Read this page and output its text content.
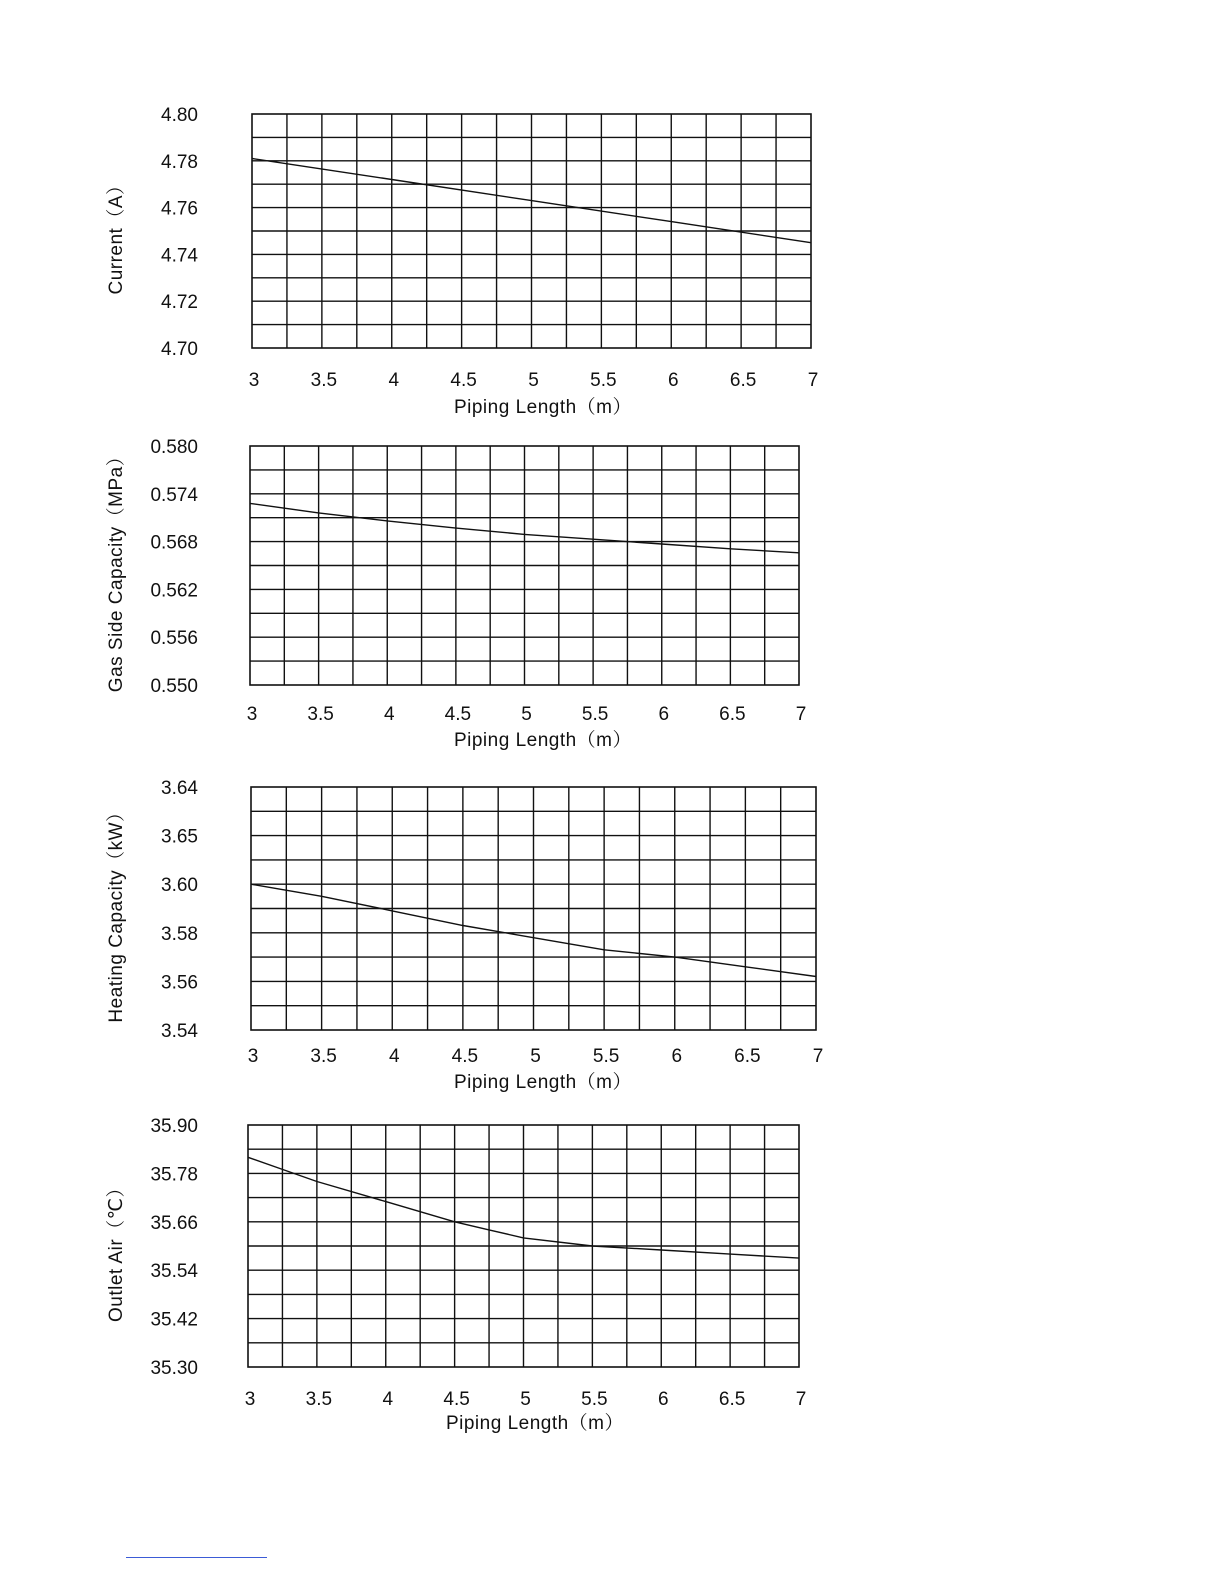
4.80
4.78
4.76
4.74
4.72
4.70
3	3.5	4	4.5	5	5.5	6	6.5	7
Piping Length（m）
Current（A）
0.580
0.574
0.568
0.562
0.556
0.550
3	3.5	4	4.5	5	5.5	6	6.5	7
Piping Length（m）
Gas Side Capacity（MPa）
3.64
3.65
3.60
3.58
3.56
3.54
3	3.5	4	4.5	5	5.5	6	6.5	7
Piping Length（m）
Heating Capacity（kW）
35.90
35.78
35.66
35.54
35.42
35.30
3	3.5	4	4.5	5	5.5	6	6.5	7
Piping Length（m）
Outlet Air（℃）
